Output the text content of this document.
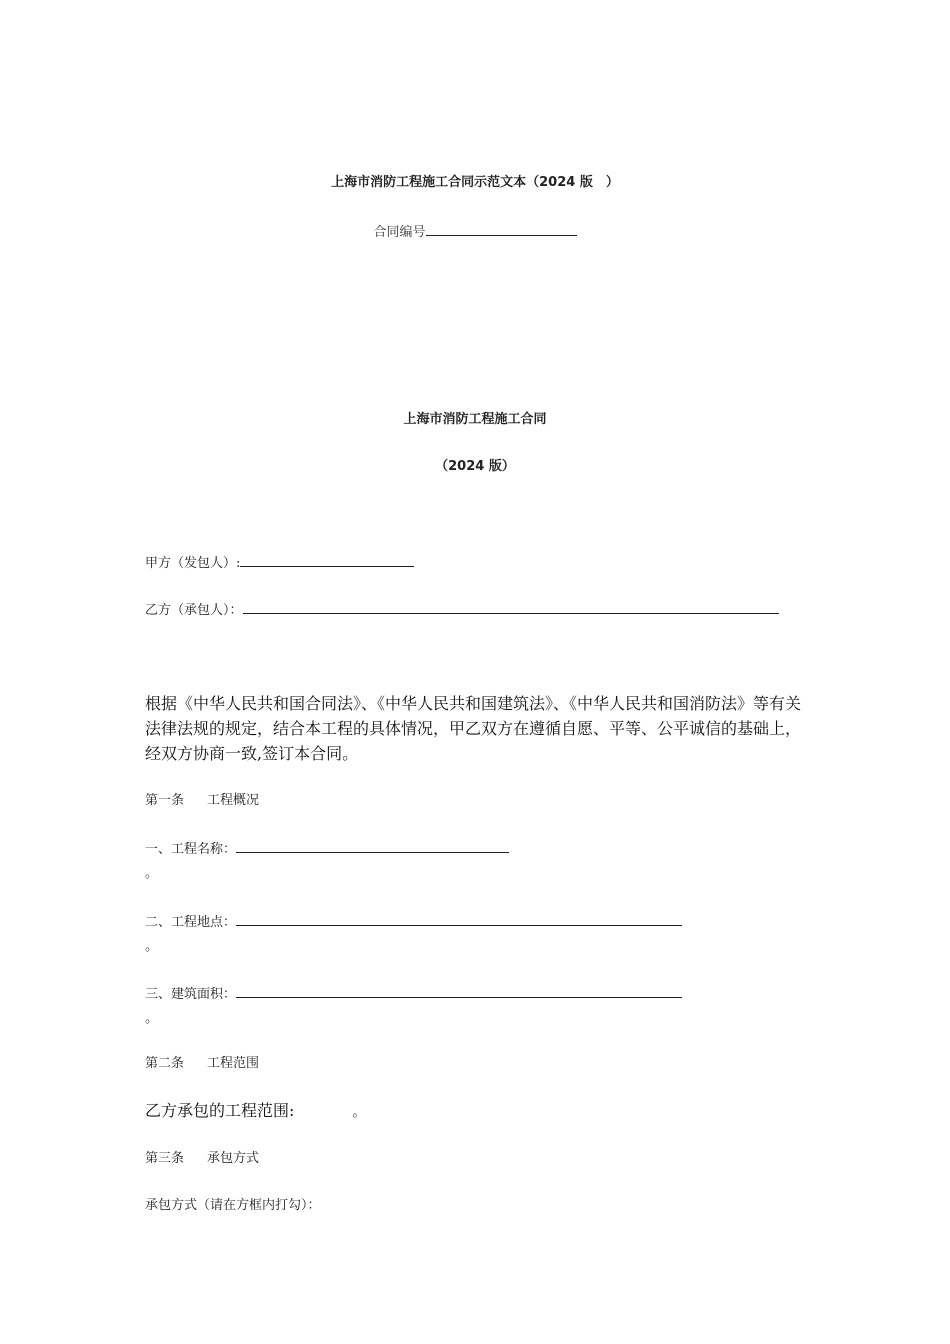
上海市消防工程施工合同示范文本（2024 版　）
合同编号
上海市消防工程施工合同
（2024 版）
甲方（发包人）:
乙方（承包人）：
根据《中华人民共和国合同法》、《中华人民共和国建筑法》、《中华人民共和国消防法》等有关法律法规的规定，结合本工程的具体情况，甲乙双方在遵循自愿、平等、公平诚信的基础上，经双方协商一致,签订本合同。
第一条 工程概况
一、工程名称：
。
二、工程地点：
。
三、建筑面积：
。
第二条 工程范围
乙方承包的工程范围:	。
第三条 承包方式
承包方式（请在方框内打勾）：
